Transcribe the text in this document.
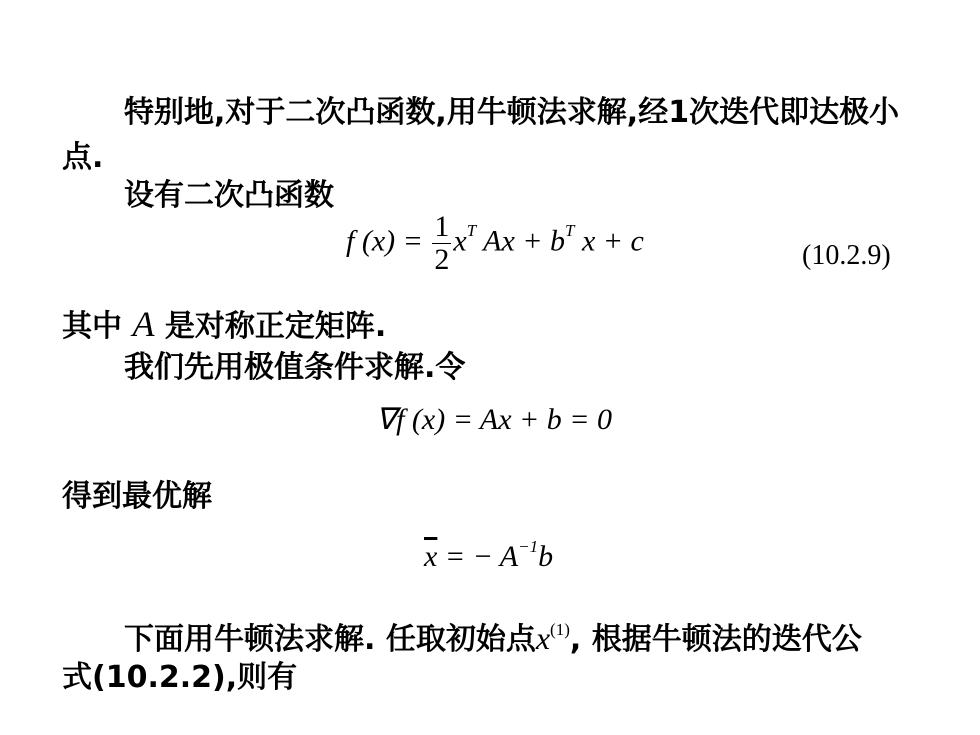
特别地,对于二次凸函数,用牛顿法求解,经1次迭代即达极小
点.
设有二次凸函数
f $(x) = \frac{1}{2} x^T$ $Ax + b^T$ x + c	(10.2.9)
其中 A 是对称正定矩阵.
我们先用极值条件求解.令
∇f (x) = Ax + b = 0
得到最优解
$\overline{x}$ = − $A^{-1}b$
下面用牛顿法求解. 任取初始点$x^{(1)}$, 根据牛顿法的迭代公
式(10.2.2),则有
